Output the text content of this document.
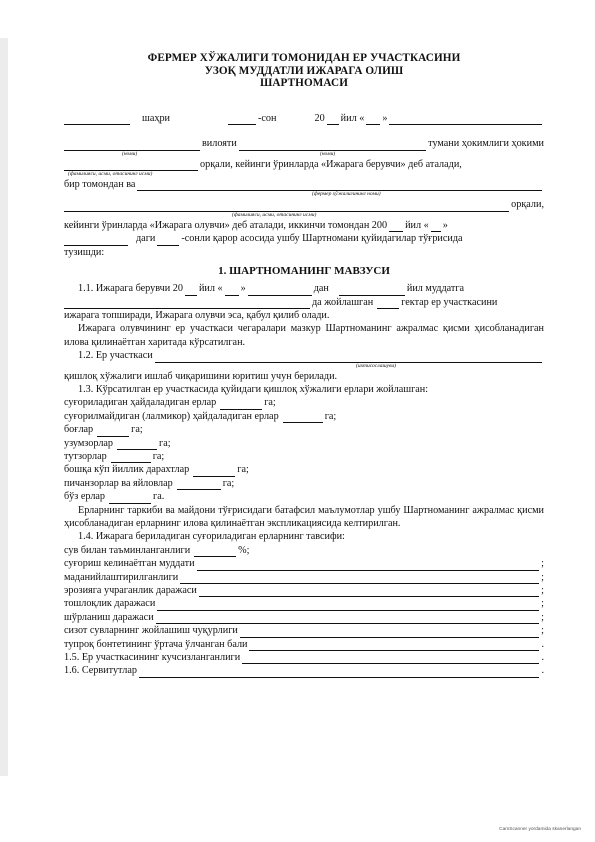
ФЕРМЕР ХЎЖАЛИГИ ТОМОНИДАН ЕР УЧАСТКАСИНИ
УЗОҚ МУДДАТЛИ ИЖАРАГА ОЛИШ
ШАРТНОМАСИ
шаҳри	-сон	20 йил « »
вилояти	тумани ҳокимлиги ҳокими
(номи)	(номи)
орқали, кейинги ўринларда «Ижарага берувчи» деб аталади,
(фамилияси, исми, отасининг исми)
бир томондан ва
(фермер хўжалигининг номи)
орқали,
(фамилияси, исми, отасининг исми)
кейинги ўринларда «Ижарага олувчи» деб аталади, иккинчи томондан 200 йил « »
даги	-сонли қарор асосида ушбу Шартномани қуйидагилар тўғрисида
тузишди:
1. ШАРТНОМАНИНГ МАВЗУСИ
1.1. Ижарага берувчи 20 йил « »	дан	йил муддатга
да жойлашган	гектар ер участкасини
ижарага топширади, Ижарага олувчи эса, қабул қилиб олади.
Ижарага олувчининг ер участкаси чегаралари мазкур Шартноманинг ажралмас қисми ҳисобланадиган илова қилинаётган харитада кўрсатилган.
1.2. Ер участкаси
(ихтисослашуви)
қишлоқ хўжалиги ишлаб чиқаришини юритиш учун берилади.
1.3. Кўрсатилган ер участкасида қуйидаги қишлоқ хўжалиги ерлари жойлашган:
суғориладиган ҳайдаладиган ерлар	га;
суғорилмайдиган (лалмикор) ҳайдаладиган ерлар	га;
боғлар	га;
узумзорлар	га;
тутзорлар	га;
бошқа кўп йиллик дарахтлар	га;
пичанзорлар ва яйловлар	га;
бўз ерлар	га.
Ерларнинг таркиби ва майдони тўғрисидаги батафсил маълумотлар ушбу Шартноманинг ажралмас қисми ҳисобланадиган ерларнинг илова қилинаётган экспликациясида келтирилган.
1.4. Ижарага бериладиган суғориладиган ерларнинг тавсифи:
сув билан таъминланганлиги	%;
суғориш келинаётган муддати	;
маданийлаштирилганлиги	;
эрозияга учраганлик даражаси	;
тошлоқлик даражаси	;
шўрланиш даражаси	;
сизот сувларнинг жойлашиш чуқурлиги	;
тупроқ бонтетининг ўртача ўлчанган бали	.
1.5. Ер участкасининг кучсизланганлиги	.
1.6. Сервитутлар	.
CamScanner yordamida skanerlangan
